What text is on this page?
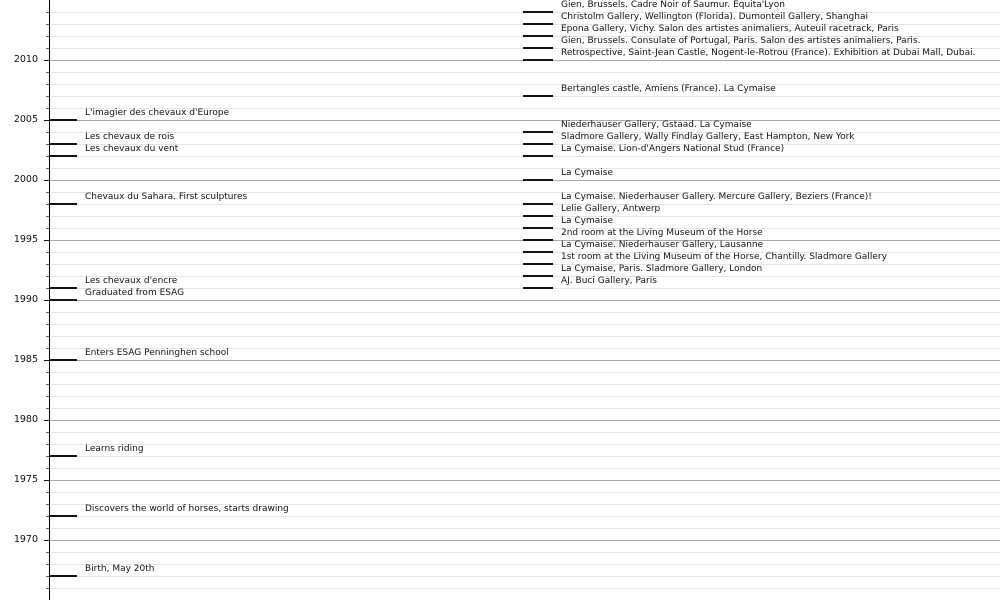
2010
2005
2000
1995
1990
1985
1980
1975
1970
L'imagier des chevaux d'Europe
Les chevaux de rois
Les chevaux du vent
Chevaux du Sahara. First sculptures
Les chevaux d'encre
Graduated from ESAG
Enters ESAG Penninghen school
Learns riding
Discovers the world of horses, starts drawing
Birth, May 20th
Gien, Brussels. Cadre Noir of Saumur. Equita'Lyon
Christolm Gallery, Wellington (Florida). Dumonteil Gallery, Shanghai
Epona Gallery, Vichy. Salon des artistes animaliers, Auteuil racetrack, Paris
Gien, Brussels. Consulate of Portugal, Paris. Salon des artistes animaliers, Paris.
Retrospective, Saint-Jean Castle, Nogent-le-Rotrou (France). Exhibition at Dubai Mall, Dubai.
Bertangles castle, Amiens (France). La Cymaise
Niederhauser Gallery, Gstaad. La Cymaise
Sladmore Gallery, Wally Findlay Gallery, East Hampton, New York
La Cymaise. Lion-d'Angers National Stud (France)
La Cymaise
La Cymaise. Niederhauser Gallery. Mercure Gallery, Beziers (France)!
Lelie Gallery, Antwerp
La Cymaise
2nd room at the Living Museum of the Horse
La Cymaise. Niederhauser Gallery, Lausanne
1st room at the Living Museum of the Horse, Chantilly. Sladmore Gallery
La Cymaise, Paris. Sladmore Gallery, London
AJ. Buci Gallery, Paris
